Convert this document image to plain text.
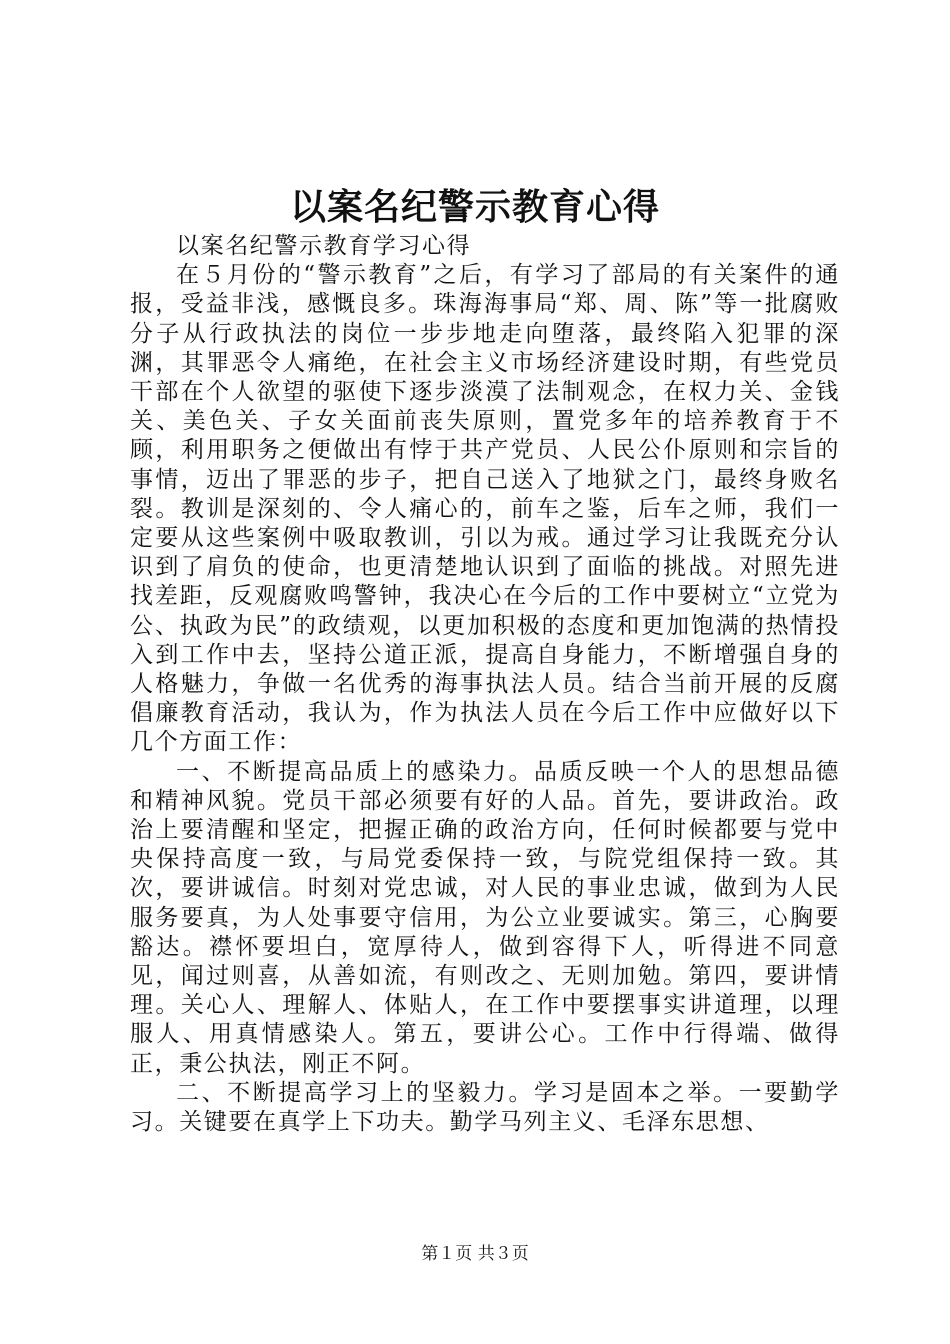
以案名纪警示教育心得

以案名纪警示教育学习心得

在５月份的“警示教育”之后，有学习了部局的有关案件的通报，受益非浅，感慨良多。珠海海事局“郑、周、陈”等一批腐败分子从行政执法的岗位一步步地走向堕落，最终陷入犯罪的深渊，其罪恶令人痛绝，在社会主义市场经济建设时期，有些党员干部在个人欲望的驱使下逐步淡漠了法制观念，在权力关、金钱关、美色关、子女关面前丧失原则，置党多年的培养教育于不顾，利用职务之便做出有悖于共产党员、人民公仆原则和宗旨的事情，迈出了罪恶的步子，把自己送入了地狱之门，最终身败名裂。教训是深刻的、令人痛心的，前车之鉴，后车之师，我们一定要从这些案例中吸取教训，引以为戒。通过学习让我既充分认识到了肩负的使命，也更清楚地认识到了面临的挑战。对照先进找差距，反观腐败鸣警钟，我决心在今后的工作中要树立“立党为公、执政为民”的政绩观，以更加积极的态度和更加饱满的热情投入到工作中去，坚持公道正派，提高自身能力，不断增强自身的人格魅力，争做一名优秀的海事执法人员。结合当前开展的反腐倡廉教育活动，我认为，作为执法人员在今后工作中应做好以下几个方面工作：

一、不断提高品质上的感染力。品质反映一个人的思想品德和精神风貌。党员干部必须要有好的人品。首先，要讲政治。政治上要清醒和坚定，把握正确的政治方向，任何时候都要与党中央保持高度一致，与局党委保持一致，与院党组保持一致。其次，要讲诚信。时刻对党忠诚，对人民的事业忠诚，做到为人民服务要真，为人处事要守信用，为公立业要诚实。第三，心胸要豁达。襟怀要坦白，宽厚待人，做到容得下人，听得进不同意见，闻过则喜，从善如流，有则改之、无则加勉。第四，要讲情理。关心人、理解人、体贴人，在工作中要摆事实讲道理，以理服人、用真情感染人。第五，要讲公心。工作中行得端、做得正，秉公执法，刚正不阿。

二、不断提高学习上的坚毅力。学习是固本之举。一要勤学习。关键要在真学上下功夫。勤学马列主义、毛泽东思想、

第１页 共３页
